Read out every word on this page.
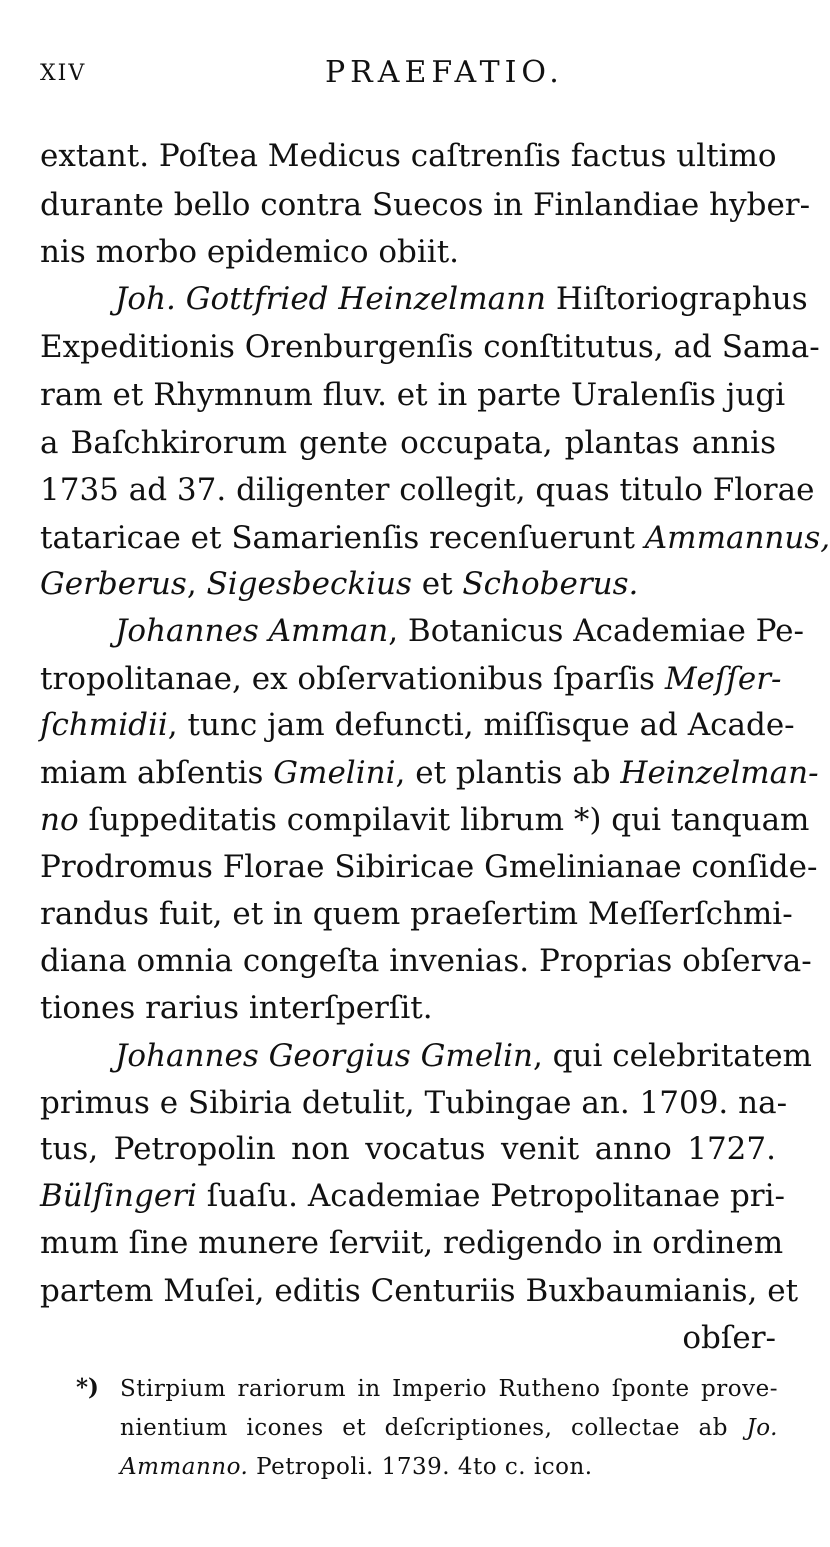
XIV	PRAEFATIO.
extant. Poſtea Medicus caſtrenſis factus ultimo
durante bello contra Suecos in Finlandiae hyber-
nis morbo epidemico obiit.
Joh. Gottfried Heinzelmann Hiſtoriographus
Expeditionis Orenburgenſis conſtitutus, ad Sama-
ram et Rhymnum fluv. et in parte Uralenſis jugi
a Baſchkirorum gente occupata, plantas annis
1735 ad 37. diligenter collegit, quas titulo Florae
tataricae et Samarienſis recenſuerunt Ammannus,
Gerberus, Sigesbeckius et Schoberus.
Johannes Amman, Botanicus Academiae Pe-
tropolitanae, ex obſervationibus ſparſis Meſſer-
ſchmidii, tunc jam defuncti, miſſisque ad Acade-
miam abſentis Gmelini, et plantis ab Heinzelman-
no ſuppeditatis compilavit librum *) qui tanquam
Prodromus Florae Sibiricae Gmelinianae conſide-
randus fuit, et in quem praeſertim Meſſerſchmi-
diana omnia congeſta invenias. Proprias obſerva-
tiones rarius interſperſit.
Johannes Georgius Gmelin, qui celebritatem
primus e Sibiria detulit, Tubingae an. 1709. na-
tus, Petropolin non vocatus venit anno 1727.
Bülſingeri ſuaſu. Academiae Petropolitanae pri-
mum ſine munere ſerviit, redigendo in ordinem
partem Muſei, editis Centuriis Buxbaumianis, et
obſer-
*) Stirpium rariorum in Imperio Rutheno ſponte prove-
nientium icones et deſcriptiones, collectae ab Jo.
Ammanno. Petropoli. 1739. 4to c. icon.
